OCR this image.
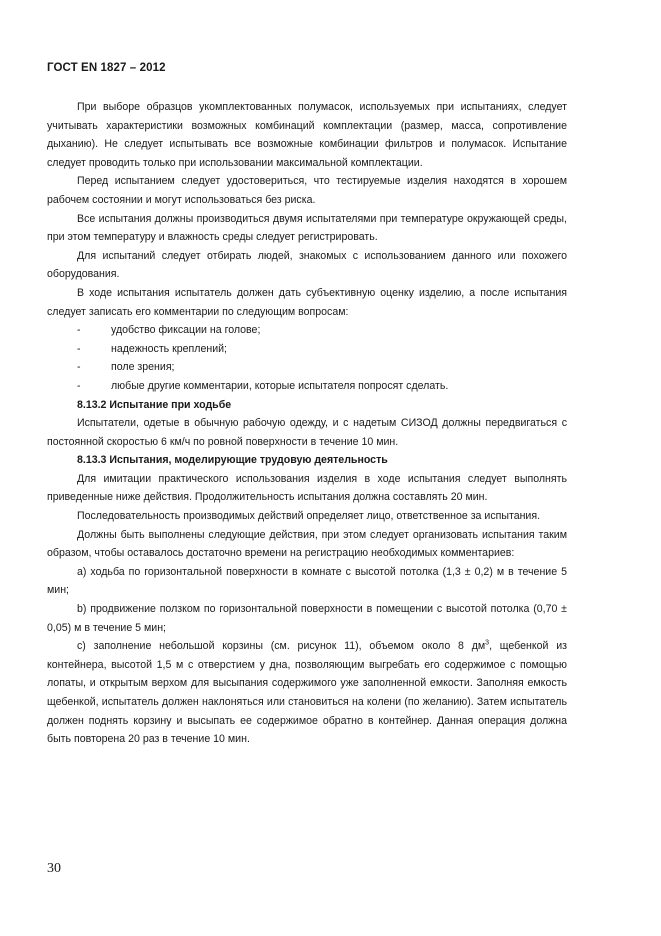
ГОСТ EN 1827 – 2012

При выборе образцов укомплектованных полумасок, используемых при испытаниях, следует учитывать характеристики возможных комбинаций комплектации (размер, масса, сопротивление дыханию). Не следует испытывать все возможные комбинации фильтров и полумасок. Испытание следует проводить только при использовании максимальной комплектации.

Перед испытанием следует удостовериться, что тестируемые изделия находятся в хорошем рабочем состоянии и могут использоваться без риска.

Все испытания должны производиться двумя испытателями при температуре окружающей среды, при этом температуру и влажность среды следует регистрировать.

Для испытаний следует отбирать людей, знакомых с использованием данного или похожего оборудования.

В ходе испытания испытатель должен дать субъективную оценку изделию, а после испытания следует записать его комментарии по следующим вопросам:

-	удобство фиксации на голове;
-	надежность креплений;
-	поле зрения;
-	любые другие комментарии, которые испытателя попросят сделать.

8.13.2 Испытание при ходьбе

Испытатели, одетые в обычную рабочую одежду, и с надетым СИЗОД должны передвигаться с постоянной скоростью 6 км/ч по ровной поверхности в течение 10 мин.

8.13.3 Испытания, моделирующие трудовую деятельность

Для имитации практического использования изделия в ходе испытания следует выполнять приведенные ниже действия. Продолжительность испытания должна составлять 20 мин.

Последовательность производимых действий определяет лицо, ответственное за испытания.

Должны быть выполнены следующие действия, при этом следует организовать испытания таким образом, чтобы оставалось достаточно времени на регистрацию необходимых комментариев:

a) ходьба по горизонтальной поверхности в комнате с высотой потолка (1,3 ± 0,2) м в течение 5 мин;

b) продвижение ползком по горизонтальной поверхности в помещении с высотой потолка (0,70 ± 0,05) м в течение 5 мин;

с) заполнение небольшой корзины (см. рисунок 11), объемом около 8 $дм^3$, щебенкой из контейнера, высотой 1,5 м с отверстием у дна, позволяющим выгребать его содержимое с помощью лопаты, и открытым верхом для высыпания содержимого уже заполненной емкости. Заполняя емкость щебенкой, испытатель должен наклоняться или становиться на колени (по желанию). Затем испытатель должен поднять корзину и высыпать ее содержимое обратно в контейнер. Данная операция должна быть повторена 20 раз в течение 10 мин.

30
